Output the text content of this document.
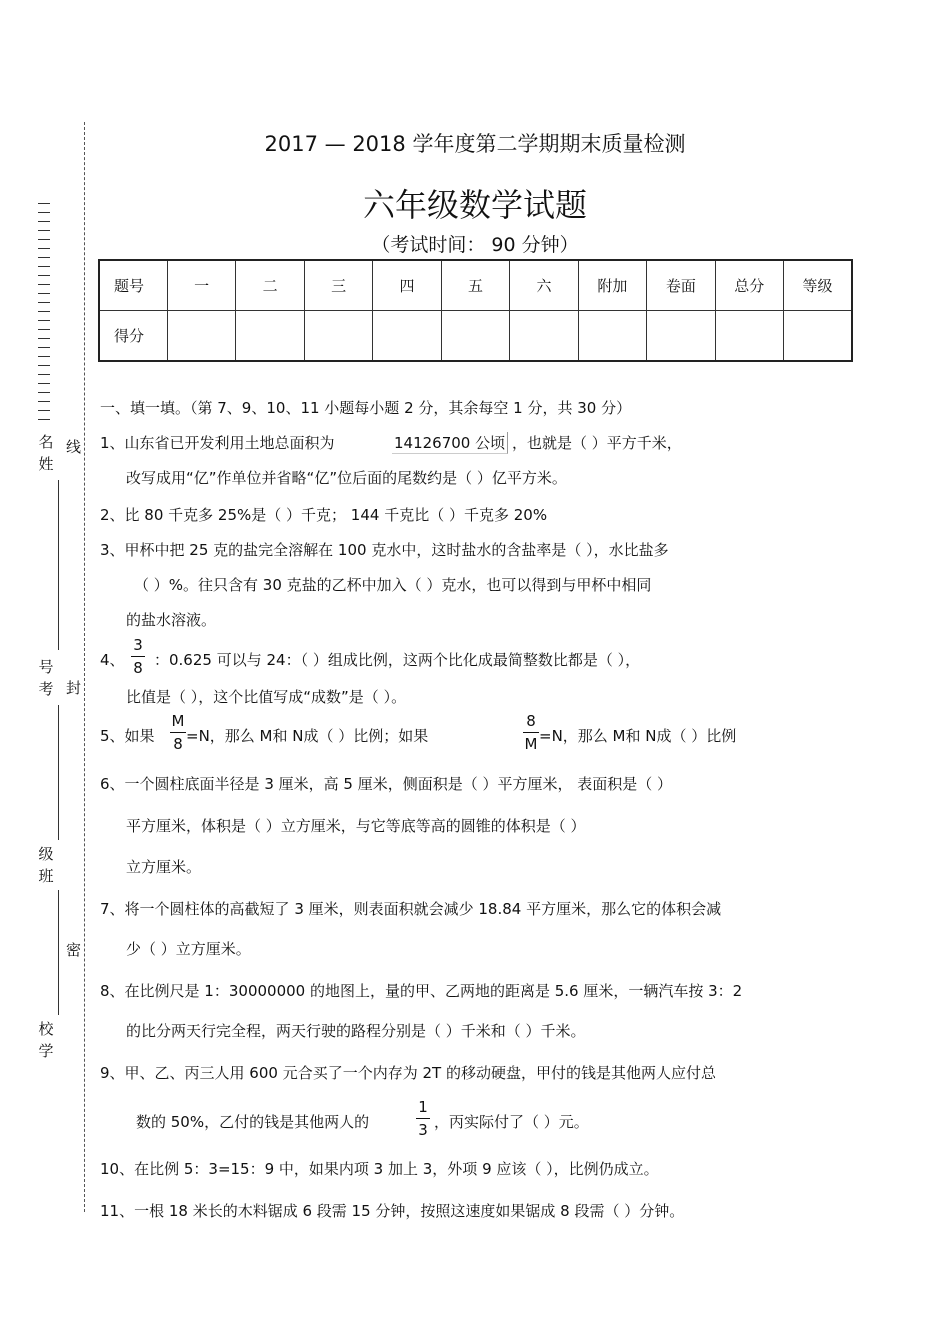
名姓
线
号考 封
级班
密
校学
2017 — 2018 学年度第二学期期末质量检测
六年级数学试题
（考试时间： 90 分钟）
题号	一	二	三	四	五	六	附加	卷面	总分	等级
得分										
一、填一填。（第 7、9、10、11 小题每小题 2 分，其余每空 1 分，共 30 分）
1、山东省已开发利用土地总面积为	14126700 公顷 ，也就是（ ）平方千米，
改写成用“亿”作单位并省略“亿”位后面的尾数约是（ ）亿平方米。
2、比 80 千克多 25%是（ ）千克； 144 千克比（ ）千克多 20%
3、甲杯中把 25 克的盐完全溶解在 100 克水中，这时盐水的含盐率是（ ），水比盐多
（ ）%。往只含有 30 克盐的乙杯中加入（ ）克水，也可以得到与甲杯中相同
的盐水溶液。
4、
3
8 ：0.625 可以与 24：（ ）组成比例，这两个比化成最简整数比都是（ ），
比值是（ ），这个比值写成“成数”是（ ）。
5、如果
M
8 =N，那么 M和 N成（ ）比例；如果
8
M =N，那么 M和 N成（ ）比例
6、一个圆柱底面半径是 3 厘米，高 5 厘米，侧面积是（ ）平方厘米， 表面积是（ ）
平方厘米，体积是（ ）立方厘米，与它等底等高的圆锥的体积是（ ）
立方厘米。
7、将一个圆柱体的高截短了 3 厘米，则表面积就会减少 18.84 平方厘米，那么它的体积会减
少（ ）立方厘米。
8、在比例尺是 1：30000000 的地图上，量的甲、乙两地的距离是 5.6 厘米，一辆汽车按 3：2
的比分两天行完全程，两天行驶的路程分别是（ ）千米和（ ）千米。
9、甲、乙、丙三人用 600 元合买了一个内存为 2T 的移动硬盘，甲付的钱是其他两人应付总
数的 50%，乙付的钱是其他两人的
1
3 ，丙实际付了（ ）元。
10、在比例 5：3=15：9 中，如果内项 3 加上 3，外项 9 应该（ ），比例仍成立。
11、一根 18 米长的木料锯成 6 段需 15 分钟，按照这速度如果锯成 8 段需（ ）分钟。
